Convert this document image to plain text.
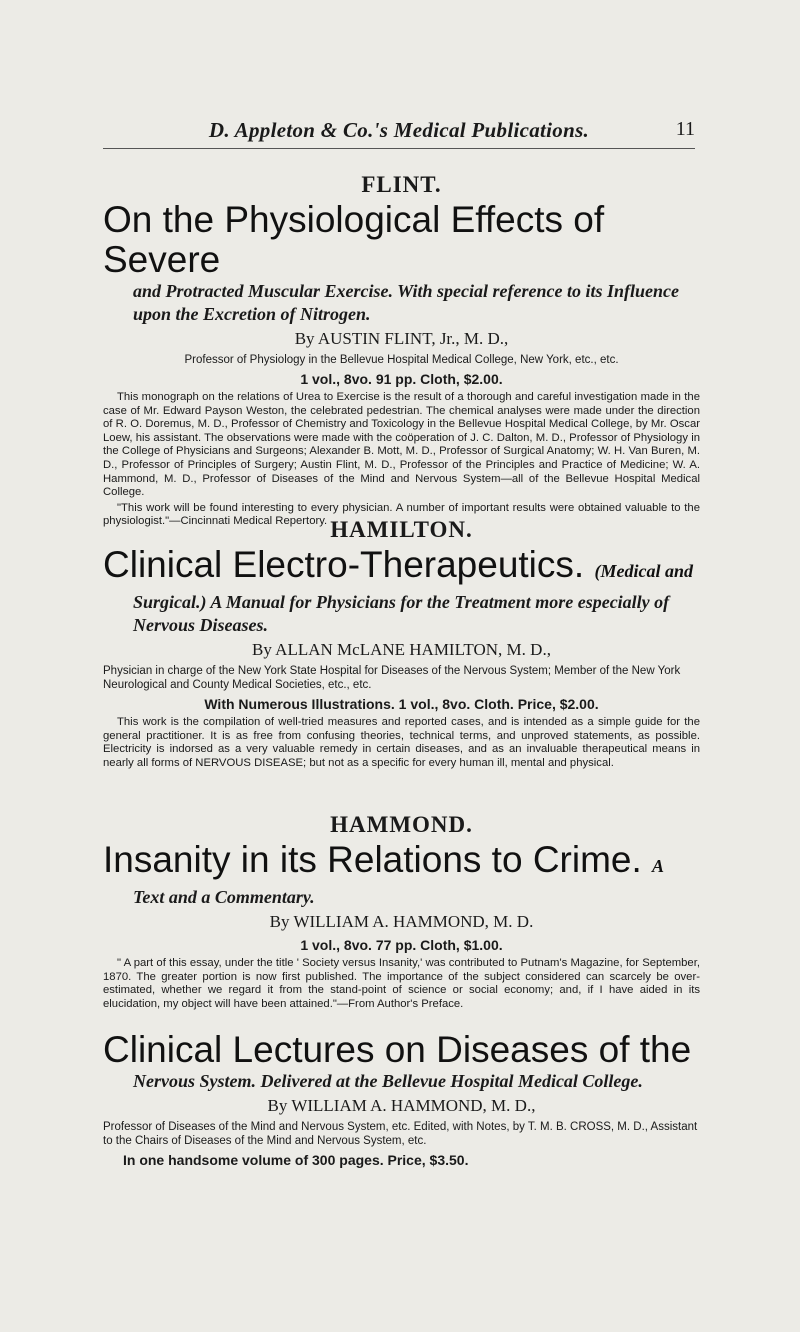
D. Appleton & Co.'s Medical Publications.	11
FLINT.
On the Physiological Effects of Severe
and Protracted Muscular Exercise. With special reference to its Influence upon the Excretion of Nitrogen.
By AUSTIN FLINT, Jr., M. D.,
Professor of Physiology in the Bellevue Hospital Medical College, New York, etc., etc.
1 vol., 8vo. 91 pp. Cloth, $2.00.
This monograph on the relations of Urea to Exercise is the result of a thorough and careful investigation made in the case of Mr. Edward Payson Weston, the celebrated pedestrian. The chemical analyses were made under the direction of R. O. Doremus, M. D., Professor of Chemistry and Toxicology in the Bellevue Hospital Medical College, by Mr. Oscar Loew, his assistant. The observations were made with the coöperation of J. C. Dalton, M. D., Professor of Physiology in the College of Physicians and Surgeons; Alexander B. Mott, M. D., Professor of Surgical Anatomy; W. H. Van Buren, M. D., Professor of Principles of Surgery; Austin Flint, M. D., Professor of the Principles and Practice of Medicine; W. A. Hammond, M. D., Professor of Diseases of the Mind and Nervous System—all of the Bellevue Hospital Medical College.
"This work will be found interesting to every physician. A number of important results were obtained valuable to the physiologist."—Cincinnati Medical Repertory. HAMILTON.
Clinical Electro-Therapeutics. (Medical and
Surgical.) A Manual for Physicians for the Treatment more especially of Nervous Diseases.
By ALLAN McLANE HAMILTON, M. D.,
Physician in charge of the New York State Hospital for Diseases of the Nervous System; Member of the New York Neurological and County Medical Societies, etc., etc.
With Numerous Illustrations. 1 vol., 8vo. Cloth. Price, $2.00.
This work is the compilation of well-tried measures and reported cases, and is intended as a simple guide for the general practitioner. It is as free from confusing theories, technical terms, and unproved statements, as possible. Electricity is indorsed as a very valuable remedy in certain diseases, and as an invaluable therapeutical means in nearly all forms of NERVOUS DISEASE; but not as a specific for every human ill, mental and physical.
HAMMOND.
Insanity in its Relations to Crime. A
Text and a Commentary.
By WILLIAM A. HAMMOND, M. D.
1 vol., 8vo. 77 pp. Cloth, $1.00.
" A part of this essay, under the title ' Society versus Insanity,' was contributed to Putnam's Magazine, for September, 1870. The greater portion is now first published. The importance of the subject considered can scarcely be over-estimated, whether we regard it from the stand-point of science or social economy; and, if I have aided in its elucidation, my object will have been attained."—From Author's Preface.
Clinical Lectures on Diseases of the
Nervous System. Delivered at the Bellevue Hospital Medical College.
By WILLIAM A. HAMMOND, M. D.,
Professor of Diseases of the Mind and Nervous System, etc. Edited, with Notes, by T. M. B. CROSS, M. D., Assistant to the Chairs of Diseases of the Mind and Nervous System, etc.
In one handsome volume of 300 pages. Price, $3.50.
